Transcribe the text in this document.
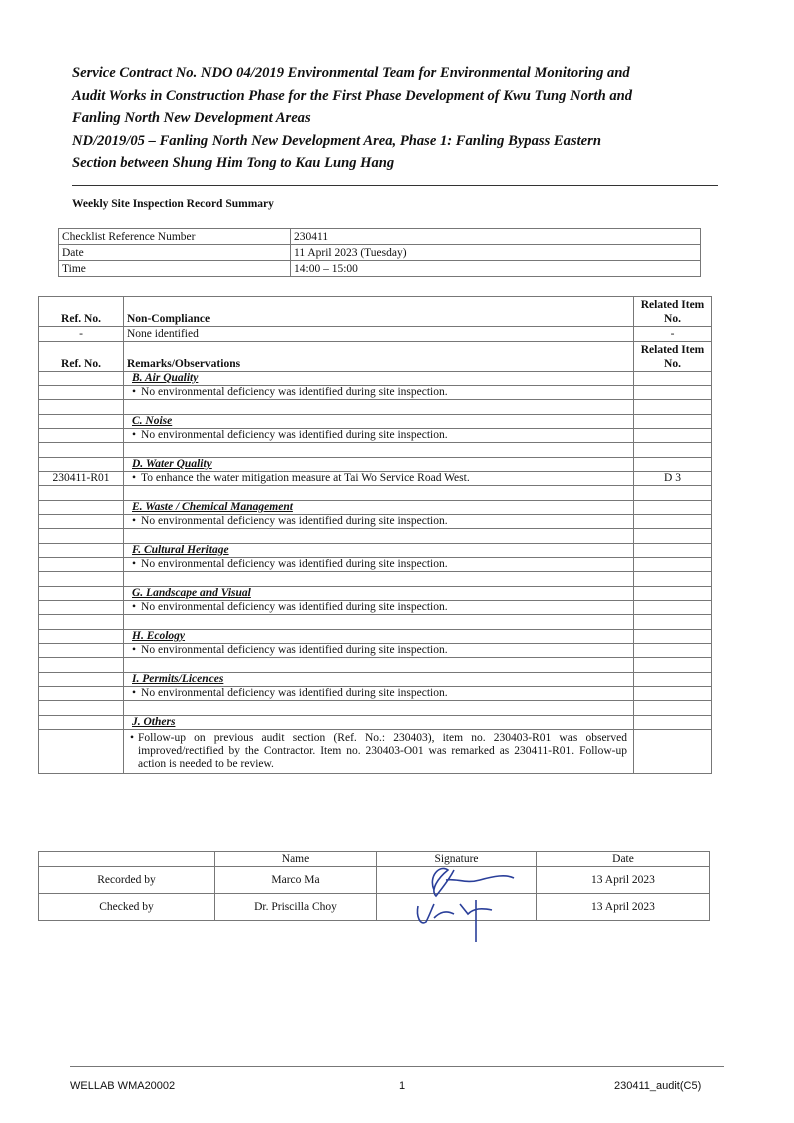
Service Contract No. NDO 04/2019 Environmental Team for Environmental Monitoring and
Audit Works in Construction Phase for the First Phase Development of Kwu Tung North and
Fanling North New Development Areas
ND/2019/05 – Fanling North New Development Area, Phase 1: Fanling Bypass Eastern
Section between Shung Him Tong to Kau Lung Hang
Weekly Site Inspection Record Summary
Checklist Reference Number	230411
Date	11 April 2023 (Tuesday)
Time	14:00 – 15:00
Ref. No.	Non-Compliance	Related Item No.
-	None identified	-
Ref. No.	Remarks/Observations	Related Item No.
	B. Air Quality	
	• No environmental deficiency was identified during site inspection.	

	C. Noise	
	• No environmental deficiency was identified during site inspection.	

	D. Water Quality	
230411-R01	• To enhance the water mitigation measure at Tai Wo Service Road West.	D 3

	E. Waste / Chemical Management	
	• No environmental deficiency was identified during site inspection.	

	F. Cultural Heritage	
	• No environmental deficiency was identified during site inspection.	

	G. Landscape and Visual	
	• No environmental deficiency was identified during site inspection.	

	H. Ecology	
	• No environmental deficiency was identified during site inspection.	

	I. Permits/Licences	
	• No environmental deficiency was identified during site inspection.	

	J. Others	
	• Follow-up on previous audit section (Ref. No.: 230403), item no. 230403-R01 was observed improved/rectified by the Contractor. Item no. 230403-O01 was remarked as 230411-R01. Follow-up action is needed to be review.	
	Name	Signature	Date
Recorded by	Marco Ma		13 April 2023
Checked by	Dr. Priscilla Choy		13 April 2023
WELLAB WMA20002	1	230411_audit(C5)
